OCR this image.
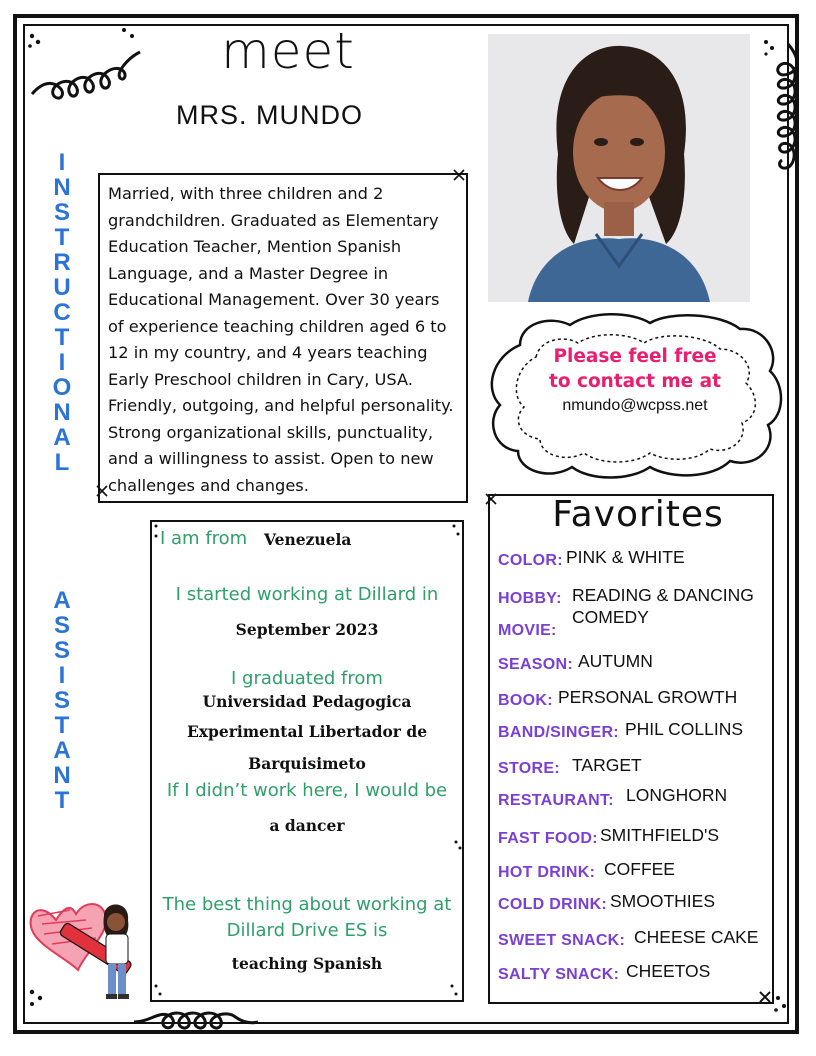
meet
MRS. MUNDO
I
N
S
T
R
U
C
T
I
O
N
A
L
A
S
S
I
S
T
A
N
T

Married, with three children and 2 grandchildren. Graduated as Elementary Education Teacher, Mention Spanish Language, and a Master Degree in Educational Management. Over 30 years of experience teaching children aged 6 to 12 in my country, and 4 years teaching Early Preschool children in Cary, USA. Friendly, outgoing, and helpful personality. Strong organizational skills, punctuality, and a willingness to assist. Open to new challenges and changes.

Please feel free
to contact me at
nmundo@wcpss.net
I am from Venezuela
I started working at Dillard in
September 2023
I graduated from
Universidad Pedagogica
Experimental Libertador de
Barquisimeto
If I didn’t work here, I would be
a dancer
The best thing about working at
Dillard Drive ES is
teaching Spanish
Favorites
COLOR: PINK & WHITE
HOBBY: READING & DANCING
MOVIE:
COMEDY
SEASON: AUTUMN
BOOK: PERSONAL GROWTH
BAND/SINGER: PHIL COLLINS
STORE: TARGET
RESTAURANT: LONGHORN
FAST FOOD: SMITHFIELD'S
HOT DRINK: COFFEE
COLD DRINK: SMOOTHIES
SWEET SNACK: CHEESE CAKE
SALTY SNACK: CHEETOS
